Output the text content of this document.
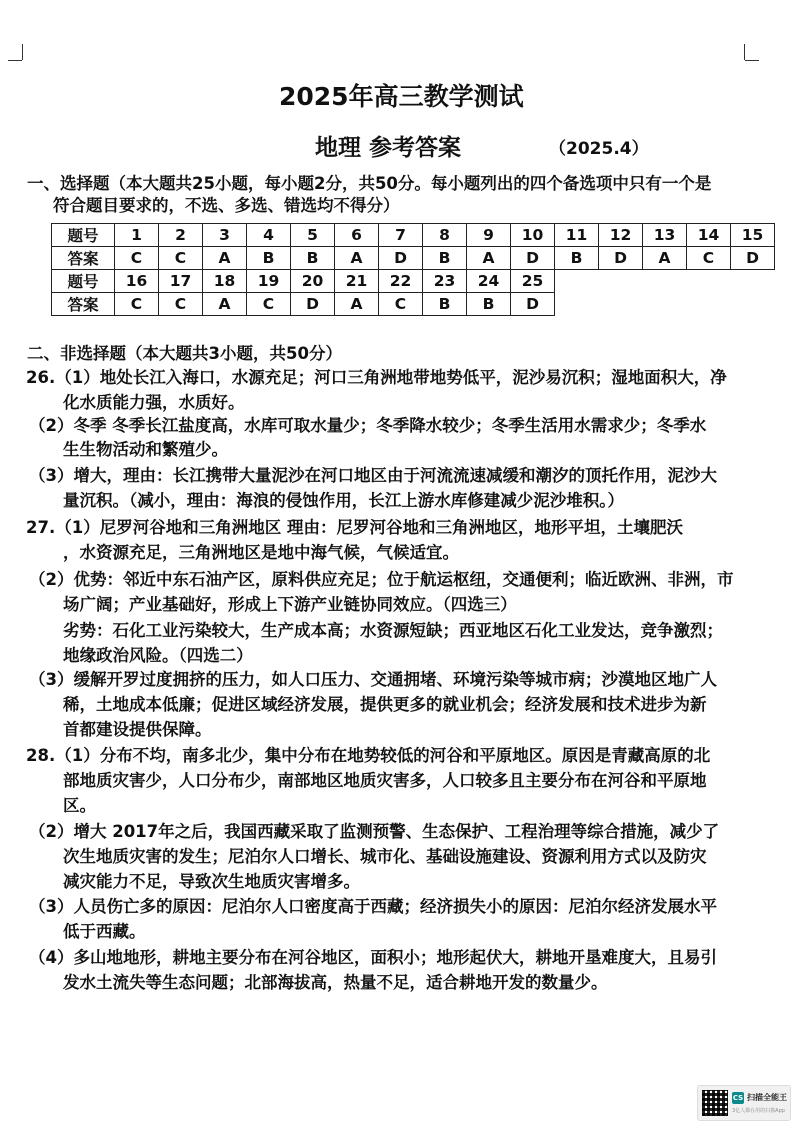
2025年高三教学测试
地理 参考答案	（2025.4）
一、选择题（本大题共25小题，每小题2分，共50分。每小题列出的四个备选项中只有一个是
符合题目要求的，不选、多选、错选均不得分）
题号	1	2	3	4	5	6	7	8	9	10	11	12	13	14	15
答案	C	C	A	B	B	A	D	B	A	D	B	D	A	C	D
题号	16	17	18	19	20	21	22	23	24	25					
答案	C	C	A	C	D	A	C	B	B	D					
二、非选择题（本大题共3小题，共50分）
26.（1）地处长江入海口，水源充足；河口三角洲地带地势低平，泥沙易沉积；湿地面积大，净
化水质能力强，水质好。
（2）冬季 冬季长江盐度高，水库可取水量少；冬季降水较少；冬季生活用水需求少；冬季水
生生物活动和繁殖少。
（3）增大，理由：长江携带大量泥沙在河口地区由于河流流速减缓和潮汐的顶托作用，泥沙大
量沉积。（减小，理由：海浪的侵蚀作用，长江上游水库修建减少泥沙堆积。）
27.（1）尼罗河谷地和三角洲地区 理由：尼罗河谷地和三角洲地区，地形平坦，土壤肥沃
，水资源充足，三角洲地区是地中海气候，气候适宜。
（2）优势：邻近中东石油产区，原料供应充足；位于航运枢纽，交通便利；临近欧洲、非洲，市
场广阔；产业基础好，形成上下游产业链协同效应。（四选三）
劣势：石化工业污染较大，生产成本高；水资源短缺；西亚地区石化工业发达，竞争激烈；
地缘政治风险。（四选二）
（3）缓解开罗过度拥挤的压力，如人口压力、交通拥堵、环境污染等城市病；沙漠地区地广人
稀，土地成本低廉；促进区域经济发展，提供更多的就业机会；经济发展和技术进步为新
首都建设提供保障。
28.（1）分布不均，南多北少，集中分布在地势较低的河谷和平原地区。原因是青藏高原的北
部地质灾害少，人口分布少，南部地区地质灾害多，人口较多且主要分布在河谷和平原地
区。
（2）增大 2017年之后，我国西藏采取了监测预警、生态保护、工程治理等综合措施，减少了
次生地质灾害的发生；尼泊尔人口增长、城市化、基础设施建设、资源利用方式以及防灾
减灾能力不足，导致次生地质灾害增多。
（3）人员伤亡多的原因：尼泊尔人口密度高于西藏；经济损失小的原因：尼泊尔经济发展水平
低于西藏。
（4）多山地地形，耕地主要分布在河谷地区，面积小；地形起伏大，耕地开垦难度大，且易引
发水土流失等生态问题；北部海拔高，热量不足，适合耕地开发的数量少。
CS 扫描全能王
3亿人都在用的扫描App
